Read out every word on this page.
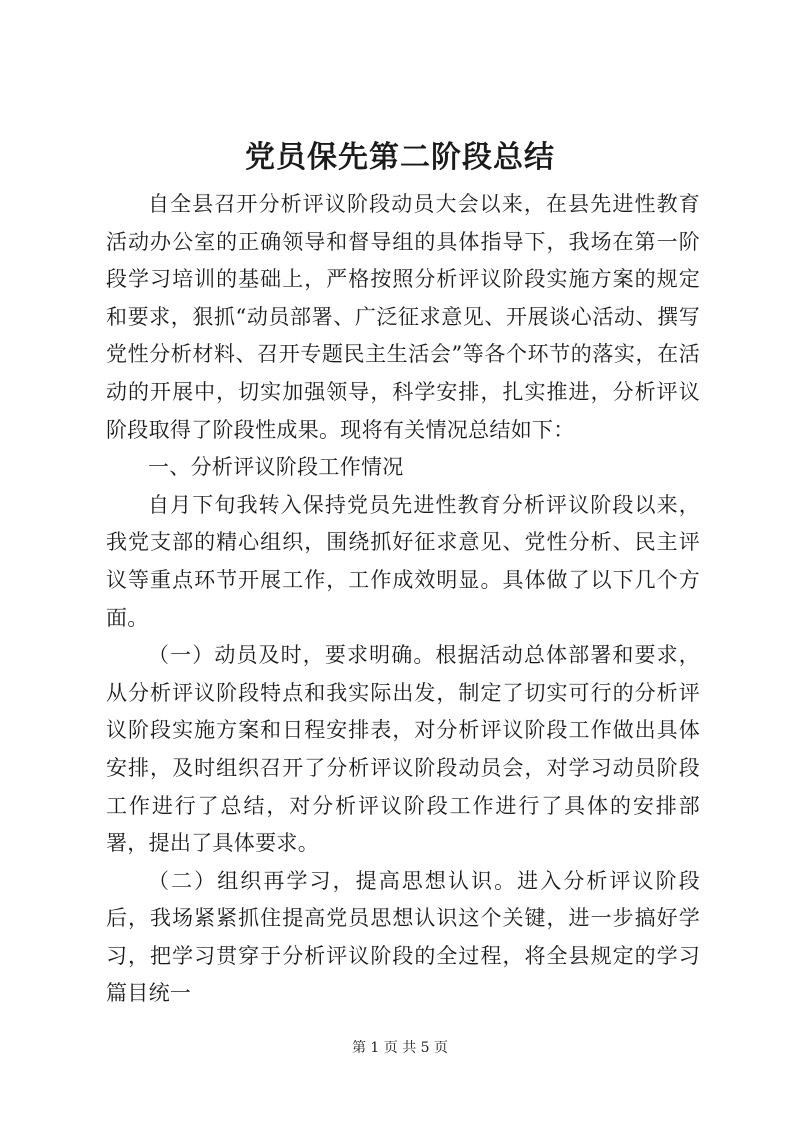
党员保先第二阶段总结

自全县召开分析评议阶段动员大会以来，在县先进性教育活动办公室的正确领导和督导组的具体指导下，我场在第一阶段学习培训的基础上，严格按照分析评议阶段实施方案的规定和要求，狠抓“动员部署、广泛征求意见、开展谈心活动、撰写党性分析材料、召开专题民主生活会”等各个环节的落实，在活动的开展中，切实加强领导，科学安排，扎实推进，分析评议阶段取得了阶段性成果。现将有关情况总结如下：

一、分析评议阶段工作情况

自月下旬我转入保持党员先进性教育分析评议阶段以来，我党支部的精心组织，围绕抓好征求意见、党性分析、民主评议等重点环节开展工作，工作成效明显。具体做了以下几个方面。

（一）动员及时，要求明确。根据活动总体部署和要求，从分析评议阶段特点和我实际出发，制定了切实可行的分析评议阶段实施方案和日程安排表，对分析评议阶段工作做出具体安排，及时组织召开了分析评议阶段动员会，对学习动员阶段工作进行了总结，对分析评议阶段工作进行了具体的安排部署，提出了具体要求。

（二）组织再学习，提高思想认识。进入分析评议阶段后，我场紧紧抓住提高党员思想认识这个关键，进一步搞好学习，把学习贯穿于分析评议阶段的全过程，将全县规定的学习篇目统一

第 1 页 共 5 页
